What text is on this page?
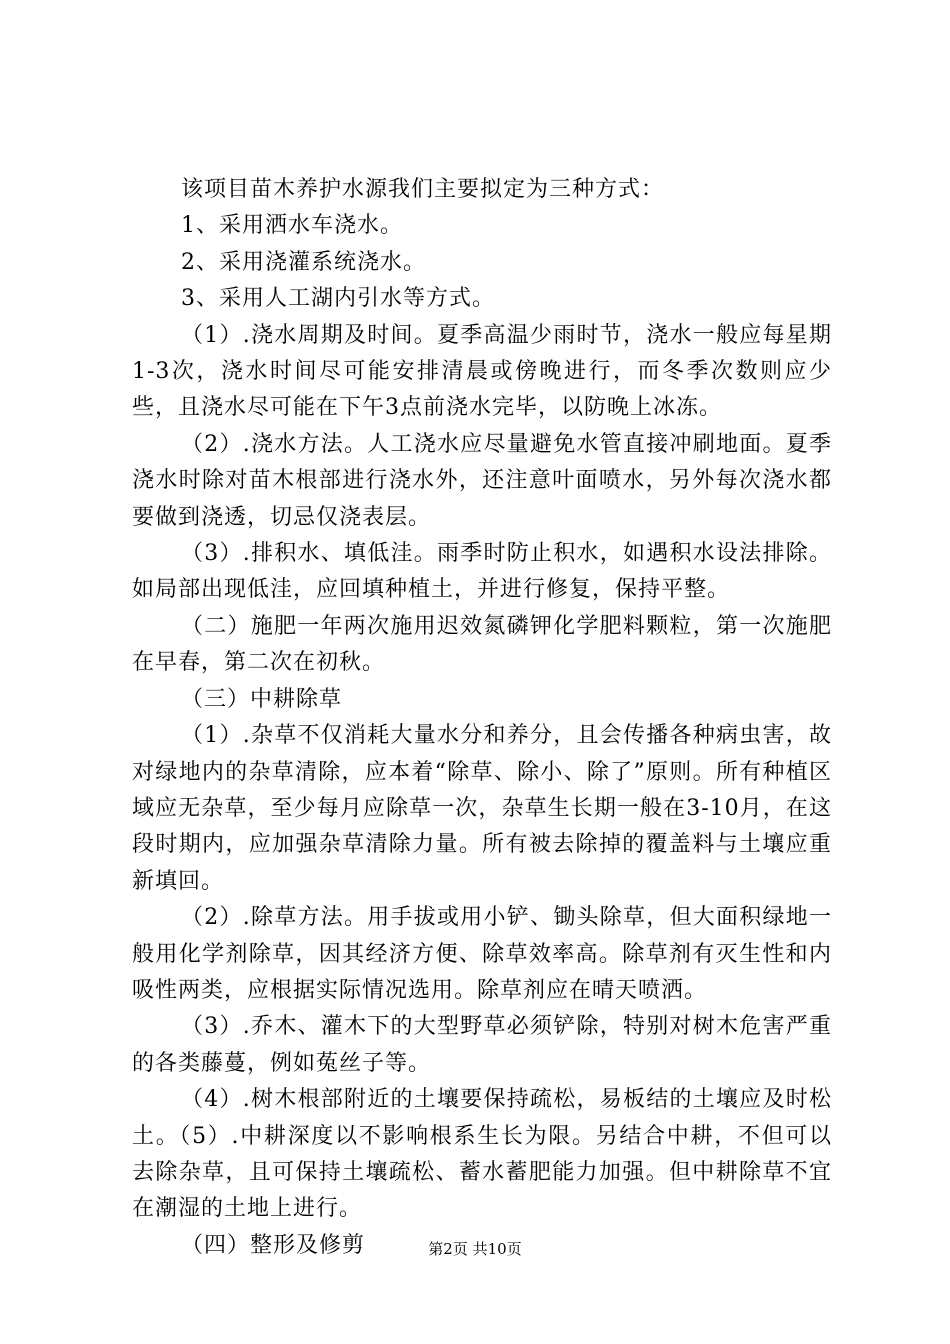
该项目苗木养护水源我们主要拟定为三种方式：

1、采用洒水车浇水。

2、采用浇灌系统浇水。

3、采用人工湖内引水等方式。

（1）.浇水周期及时间。夏季高温少雨时节，浇水一般应每星期1-3次，浇水时间尽可能安排清晨或傍晚进行，而冬季次数则应少些，且浇水尽可能在下午3点前浇水完毕，以防晚上冰冻。

（2）.浇水方法。人工浇水应尽量避免水管直接冲刷地面。夏季浇水时除对苗木根部进行浇水外，还注意叶面喷水，另外每次浇水都要做到浇透，切忌仅浇表层。

（3）.排积水、填低洼。雨季时防止积水，如遇积水设法排除。如局部出现低洼，应回填种植土，并进行修复，保持平整。

（二）施肥一年两次施用迟效氮磷钾化学肥料颗粒，第一次施肥在早春，第二次在初秋。

（三）中耕除草

（1）.杂草不仅消耗大量水分和养分，且会传播各种病虫害，故对绿地内的杂草清除，应本着“除草、除小、除了”原则。所有种植区域应无杂草，至少每月应除草一次，杂草生长期一般在3-10月，在这段时期内，应加强杂草清除力量。所有被去除掉的覆盖料与土壤应重新填回。

（2）.除草方法。用手拔或用小铲、锄头除草，但大面积绿地一般用化学剂除草，因其经济方便、除草效率高。除草剂有灭生性和内吸性两类，应根据实际情况选用。除草剂应在晴天喷洒。

（3）.乔木、灌木下的大型野草必须铲除，特别对树木危害严重的各类藤蔓，例如菟丝子等。

（4）.树木根部附近的土壤要保持疏松，易板结的土壤应及时松土。（5）.中耕深度以不影响根系生长为限。另结合中耕，不但可以去除杂草，且可保持土壤疏松、蓄水蓄肥能力加强。但中耕除草不宜在潮湿的土地上进行。

（四）整形及修剪	第2页 共10页
